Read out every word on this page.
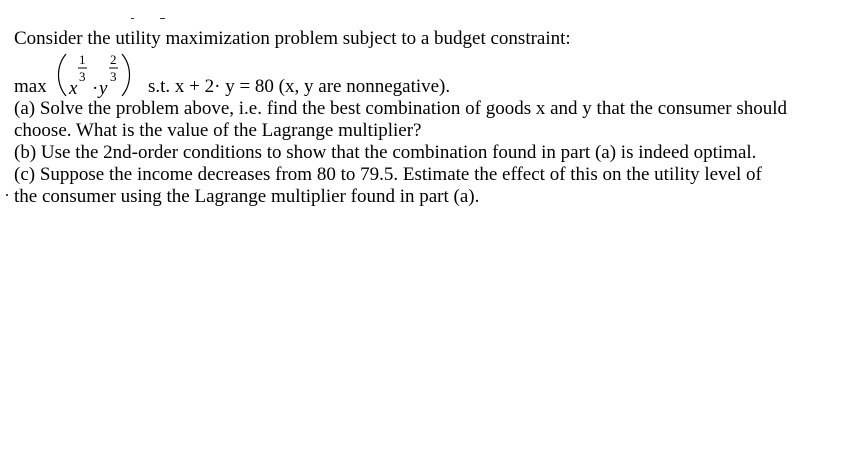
Consider the utility maximization problem subject to a budget constraint:
max x
1
3
· y
2
3 s.t. x + 2· y = 80 (x, y are nonnegative).
(a) Solve the problem above, i.e. find the best combination of goods x and y that the consumer should
choose. What is the value of the Lagrange multiplier?
(b) Use the 2nd-order conditions to show that the combination found in part (a) is indeed optimal.
(c) Suppose the income decreases from 80 to 79.5. Estimate the effect of this on the utility level of
the consumer using the Lagrange multiplier found in part (a).
